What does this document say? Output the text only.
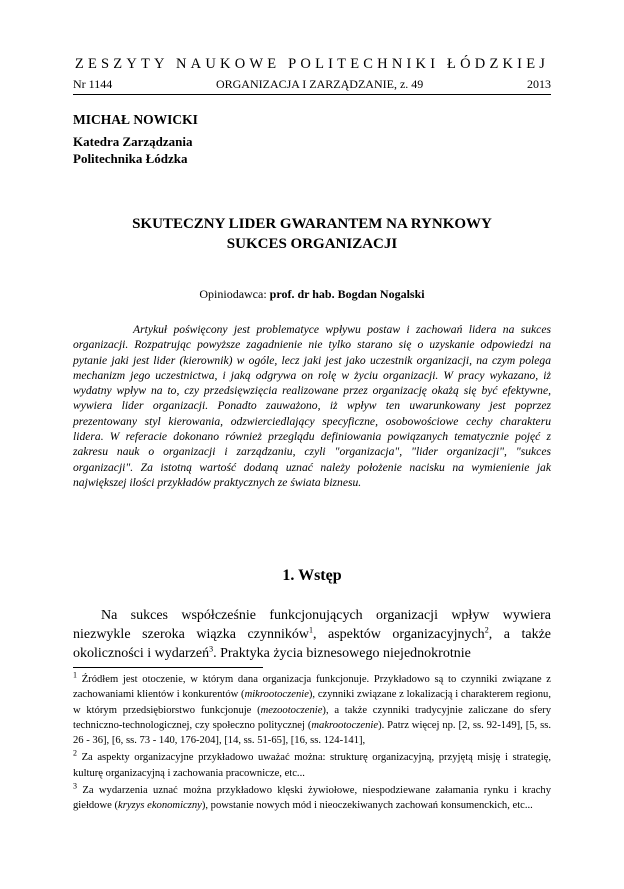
ZESZYTY NAUKOWE POLITECHNIKI ŁÓDZKIEJ
Nr 1144	ORGANIZACJA I ZARZĄDZANIE, z. 49	2013
MICHAŁ NOWICKI
Katedra Zarządzania
Politechnika Łódzka
SKUTECZNY LIDER GWARANTEM NA RYNKOWY
SUKCES ORGANIZACJI
Opiniodawca: prof. dr hab. Bogdan Nogalski

Artykuł poświęcony jest problematyce wpływu postaw i zachowań lidera na sukces organizacji. Rozpatrując powyższe zagadnienie nie tylko starano się o uzyskanie odpowiedzi na pytanie jaki jest lider (kierownik) w ogóle, lecz jaki jest jako uczestnik organizacji, na czym polega mechanizm jego uczestnictwa, i jaką odgrywa on rolę w życiu organizacji. W pracy wykazano, iż wydatny wpływ na to, czy przedsięwzięcia realizowane przez organizację okażą się być efektywne, wywiera lider organizacji. Ponadto zauważono, iż wpływ ten uwarunkowany jest poprzez prezentowany styl kierowania, odzwierciedlający specyficzne, osobowościowe cechy charakteru lidera. W referacie dokonano również przeglądu definiowania powiązanych tematycznie pojęć z zakresu nauk o organizacji i zarządzaniu, czyli "organizacja", "lider organizacji", "sukces organizacji". Za istotną wartość dodaną uznać należy położenie nacisku na wymienienie jak największej ilości przykładów praktycznych ze świata biznesu.

1. Wstęp

Na sukces współcześnie funkcjonujących organizacji wpływ wywiera niezwykle szeroka wiązka czynników$^1$, aspektów organizacyjnych$^2$, a także okoliczności i wydarzeń$^3$. Praktyka życia biznesowego niejednokrotnie

$^1$ Źródłem jest otoczenie, w którym dana organizacja funkcjonuje. Przykładowo są to czynniki związane z zachowaniami klientów i konkurentów (mikrootoczenie), czynniki związane z lokalizacją i charakterem regionu, w którym przedsiębiorstwo funkcjonuje (mezootoczenie), a także czynniki tradycyjnie zaliczane do sfery techniczno-technologicznej, czy społeczno politycznej (makrootoczenie). Patrz więcej np. [2, ss. 92-149], [5, ss. 26 - 36], [6, ss. 73 - 140, 176-204], [14, ss. 51-65], [16, ss. 124-141],

$^2$ Za aspekty organizacyjne przykładowo uważać można: strukturę organizacyjną, przyjętą misję i strategię, kulturę organizacyjną i zachowania pracownicze, etc...

$^3$ Za wydarzenia uznać można przykładowo klęski żywiołowe, niespodziewane załamania rynku i krachy giełdowe (kryzys ekonomiczny), powstanie nowych mód i nieoczekiwanych zachowań konsumenckich, etc...
